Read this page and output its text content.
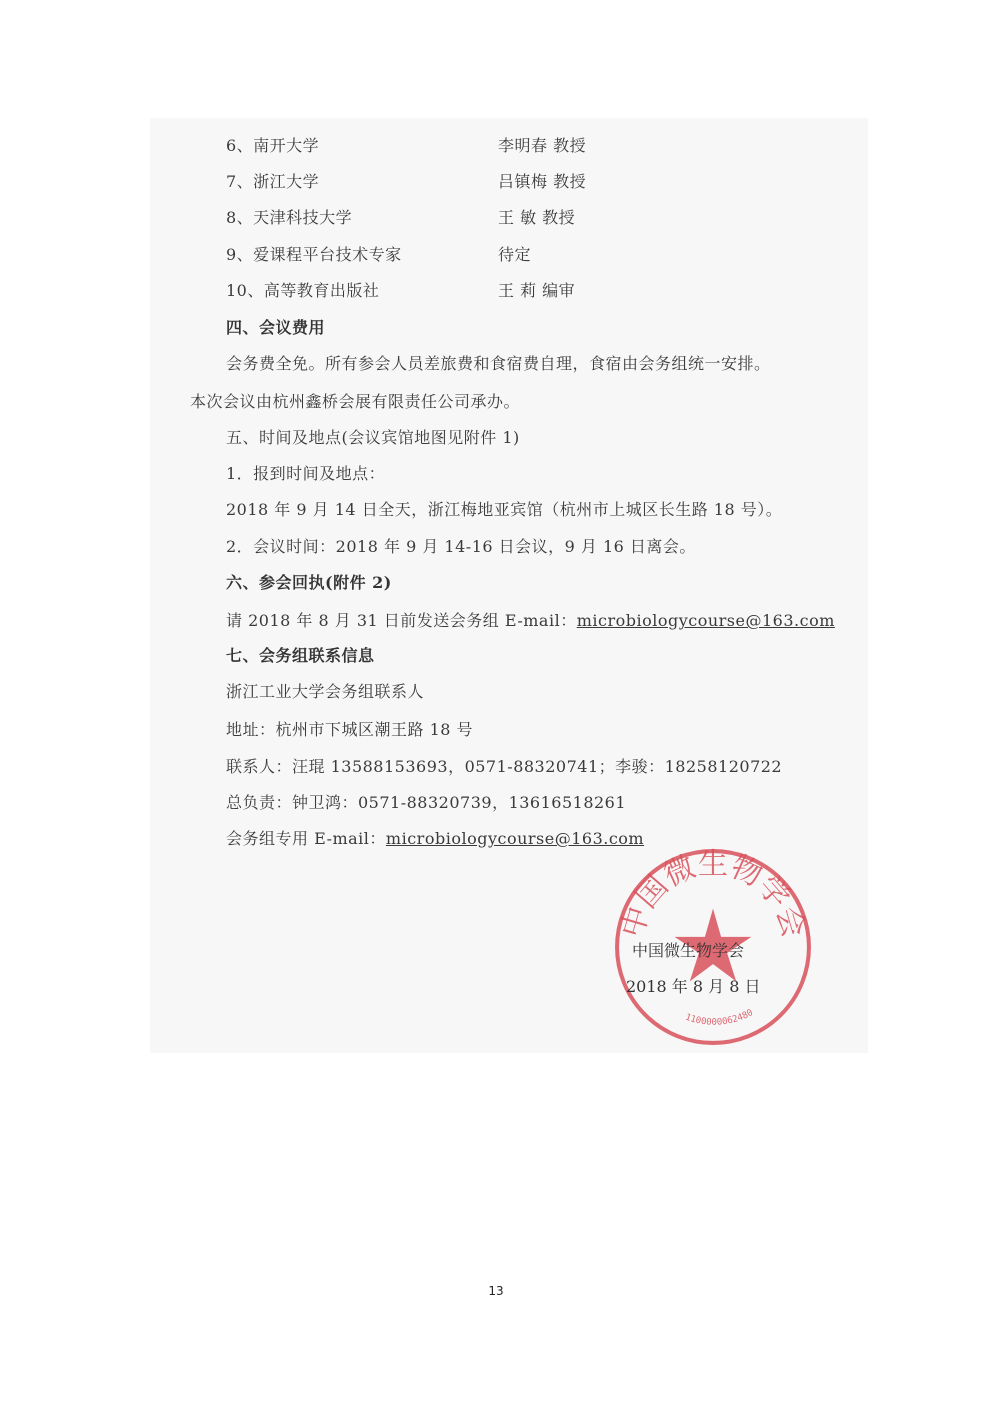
6、南开大学	李明春 教授
7、浙江大学	吕镇梅 教授
8、天津科技大学	王 敏 教授
9、爱课程平台技术专家	待定
10、高等教育出版社	王 莉 编审
四、会议费用
会务费全免。所有参会人员差旅费和食宿费自理，食宿由会务组统一安排。
本次会议由杭州鑫桥会展有限责任公司承办。
五、时间及地点(会议宾馆地图见附件 1)
1．报到时间及地点：
2018 年 9 月 14 日全天，浙江梅地亚宾馆（杭州市上城区长生路 18 号）。
2．会议时间：2018 年 9 月 14-16 日会议，9 月 16 日离会。
六、参会回执(附件 2)
请 2018 年 8 月 31 日前发送会务组 E-mail：microbiologycourse@163.com
七、会务组联系信息
浙江工业大学会务组联系人
地址：杭州市下城区潮王路 18 号
联系人：汪琨 13588153693，0571-88320741；李骏：18258120722
总负责：钟卫鸿：0571-88320739，13616518261
会务组专用 E-mail：microbiologycourse@163.com
中国微生物学会
1100000062480
中国微生物学会
2018 年 8 月 8 日
13
